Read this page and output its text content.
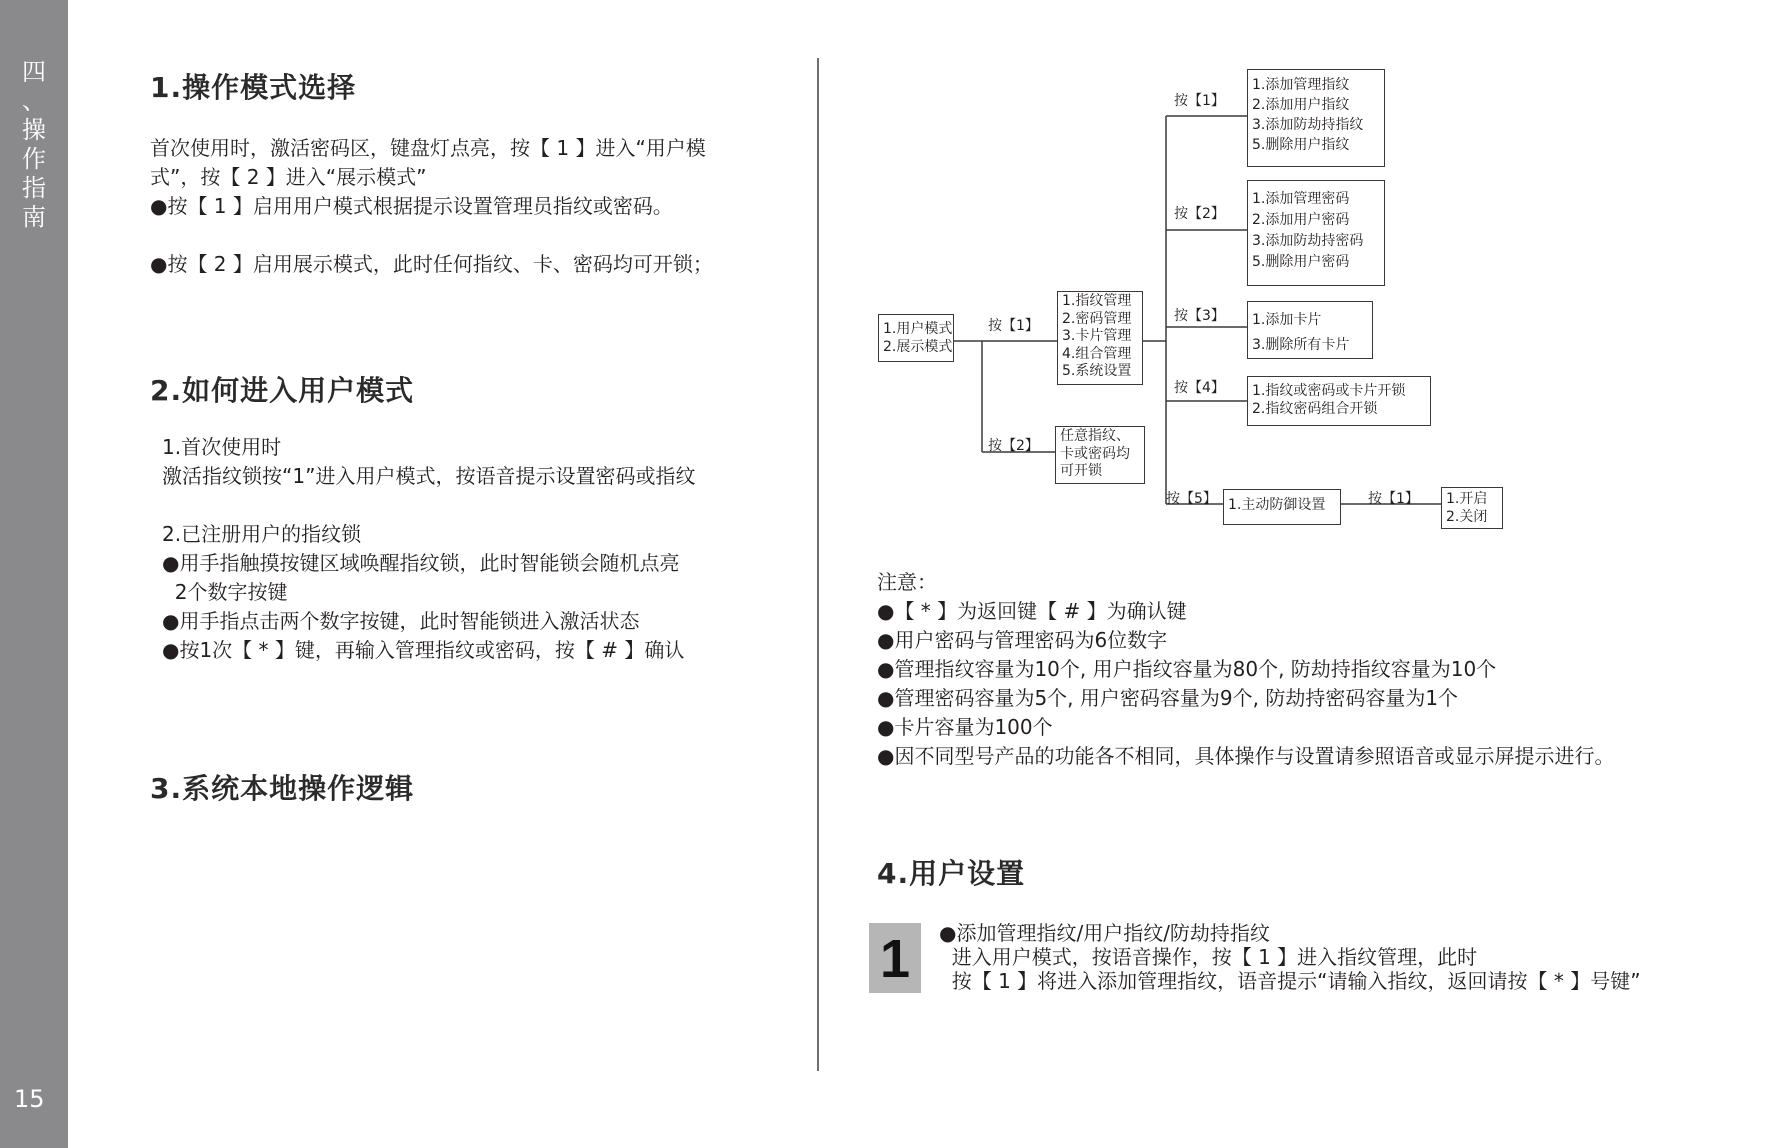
四
、
操
作
指
南
15
1.操作模式选择

首次使用时，激活密码区，键盘灯点亮，按【 1 】进入“用户模

式”，按【 2 】进入“展示模式”

●按【 1 】启用用户模式根据提示设置管理员指纹或密码。

●按【 2 】启用展示模式，此时任何指纹、卡、密码均可开锁；

2.如何进入用户模式

1.首次使用时

激活指纹锁按“1”进入用户模式，按语音提示设置密码或指纹

2.已注册用户的指纹锁

●用手指触摸按键区域唤醒指纹锁，此时智能锁会随机点亮

2个数字按键

●用手指点击两个数字按键，此时智能锁进入激活状态

●按1次【 * 】键，再输入管理指纹或密码，按【 # 】确认

3.系统本地操作逻辑
1.用户模式
2.展示模式
按【1】
按【2】
1.指纹管理
2.密码管理
3.卡片管理
4.组合管理
5.系统设置
任意指纹、
卡或密码均
可开锁
按【1】
1.添加管理指纹
2.添加用户指纹
3.添加防劫持指纹
5.删除用户指纹
按【2】
1.添加管理密码
2.添加用户密码
3.添加防劫持密码
5.删除用户密码
按【3】 1.添加卡片
3.删除所有卡片
按【4】 1.指纹或密码或卡片开锁
2.指纹密码组合开锁
按【5】 1.主动防御设置	按【1】 1.开启
2.关闭

注意：

●【 * 】为返回键【 # 】为确认键

●用户密码与管理密码为6位数字

●管理指纹容量为10个, 用户指纹容量为80个, 防劫持指纹容量为10个

●管理密码容量为5个, 用户密码容量为9个, 防劫持密码容量为1个

●卡片容量为100个

●因不同型号产品的功能各不相同，具体操作与设置请参照语音或显示屏提示进行。

4.用户设置
1	●添加管理指纹/用户指纹/防劫持指纹

进入用户模式，按语音操作，按【 1 】进入指纹管理，此时

按【 1 】将进入添加管理指纹，语音提示“请输入指纹，返回请按【 * 】号键”
